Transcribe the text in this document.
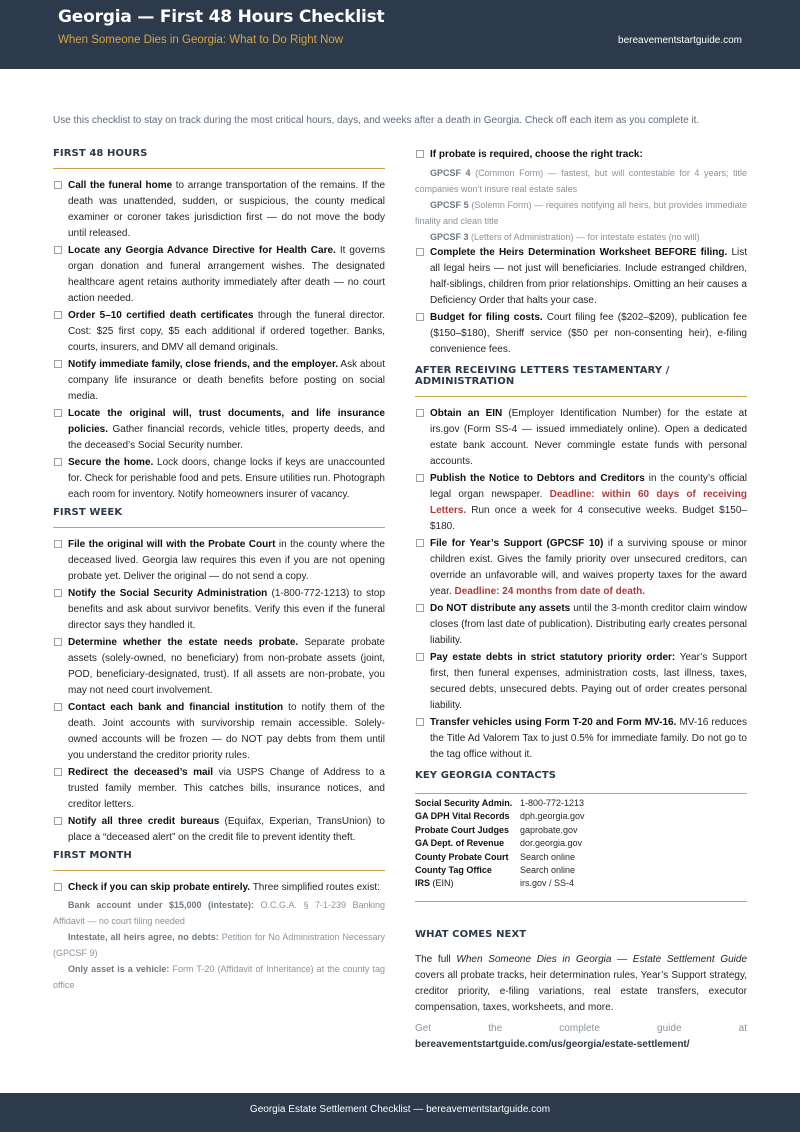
Georgia — First 48 Hours Checklist
When Someone Dies in Georgia: What to Do Right Now	bereavementstartguide.com
Use this checklist to stay on track during the most critical hours, days, and weeks after a death in Georgia. Check off each item as you complete it.
FIRST 48 HOURS
Call the funeral home to arrange transportation of the remains. If the death was unattended, sudden, or suspicious, the county medical examiner or coroner takes jurisdiction first — do not move the body until released.
Locate any Georgia Advance Directive for Health Care. It governs organ donation and funeral arrangement wishes. The designated healthcare agent retains authority immediately after death — no court action needed.
Order 5–10 certified death certificates through the funeral director. Cost: $25 first copy, $5 each additional if ordered together. Banks, courts, insurers, and DMV all demand originals.
Notify immediate family, close friends, and the employer. Ask about company life insurance or death benefits before posting on social media.
Locate the original will, trust documents, and life insurance policies. Gather financial records, vehicle titles, property deeds, and the deceased’s Social Security number.
Secure the home. Lock doors, change locks if keys are unaccounted for. Check for perishable food and pets. Ensure utilities run. Photograph each room for inventory. Notify homeowners insurer of vacancy.
FIRST WEEK
File the original will with the Probate Court in the county where the deceased lived. Georgia law requires this even if you are not opening probate yet. Deliver the original — do not send a copy.
Notify the Social Security Administration (1-800-772-1213) to stop benefits and ask about survivor benefits. Verify this even if the funeral director says they handled it.
Determine whether the estate needs probate. Separate probate assets (solely-owned, no beneficiary) from non-probate assets (joint, POD, beneficiary-designated, trust). If all assets are non-probate, you may not need court involvement.
Contact each bank and financial institution to notify them of the death. Joint accounts with survivorship remain accessible. Solely-owned accounts will be frozen — do NOT pay debts from them until you understand the creditor priority rules.
Redirect the deceased’s mail via USPS Change of Address to a trusted family member. This catches bills, insurance notices, and creditor letters.
Notify all three credit bureaus (Equifax, Experian, TransUnion) to place a “deceased alert” on the credit file to prevent identity theft.
FIRST MONTH
Check if you can skip probate entirely. Three simplified routes exist:
Bank account under $15,000 (intestate): O.C.G.A. § 7-1-239 Banking Affidavit — no court filing needed
Intestate, all heirs agree, no debts: Petition for No Administration Necessary (GPCSF 9)
Only asset is a vehicle: Form T-20 (Affidavit of Inheritance) at the county tag office
If probate is required, choose the right track:
GPCSF 4 (Common Form) — fastest, but will contestable for 4 years; title companies won’t insure real estate sales
GPCSF 5 (Solemn Form) — requires notifying all heirs, but provides immediate finality and clean title
GPCSF 3 (Letters of Administration) — for intestate estates (no will)
Complete the Heirs Determination Worksheet BEFORE filing. List all legal heirs — not just will beneficiaries. Include estranged children, half-siblings, children from prior relationships. Omitting an heir causes a Deficiency Order that halts your case.
Budget for filing costs. Court filing fee ($202–$209), publication fee ($150–$180), Sheriff service ($50 per non-consenting heir), e-filing convenience fees.
AFTER RECEIVING LETTERS TESTAMENTARY / ADMINISTRATION
Obtain an EIN (Employer Identification Number) for the estate at irs.gov (Form SS-4 — issued immediately online). Open a dedicated estate bank account. Never commingle estate funds with personal accounts.
Publish the Notice to Debtors and Creditors in the county’s official legal organ newspaper. Deadline: within 60 days of receiving Letters. Run once a week for 4 consecutive weeks. Budget $150–$180.
File for Year’s Support (GPCSF 10) if a surviving spouse or minor children exist. Gives the family priority over unsecured creditors, can override an unfavorable will, and waives property taxes for the award year. Deadline: 24 months from date of death.
Do NOT distribute any assets until the 3-month creditor claim window closes (from last date of publication). Distributing early creates personal liability.
Pay estate debts in strict statutory priority order: Year’s Support first, then funeral expenses, administration costs, last illness, taxes, secured debts, unsecured debts. Paying out of order creates personal liability.
Transfer vehicles using Form T-20 and Form MV-16. MV-16 reduces the Title Ad Valorem Tax to just 0.5% for immediate family. Do not go to the tag office without it.
KEY GEORGIA CONTACTS
Social Security Admin. 1-800-772-1213
GA DPH Vital Records	dph.georgia.gov
Probate Court Judges	gaprobate.gov
GA Dept. of Revenue	dor.georgia.gov
County Probate Court	Search online
County Tag Office	Search online
IRS (EIN)	irs.gov / SS-4
WHAT COMES NEXT
The full When Someone Dies in Georgia — Estate Settlement Guide covers all probate tracks, heir determination rules, Year’s Support strategy, creditor priority, e-filing variations, real estate transfers, executor compensation, taxes, worksheets, and more.
Get the complete guide at bereavementstartguide.com/us/georgia/estate-settlement/
Georgia Estate Settlement Checklist — bereavementstartguide.com
